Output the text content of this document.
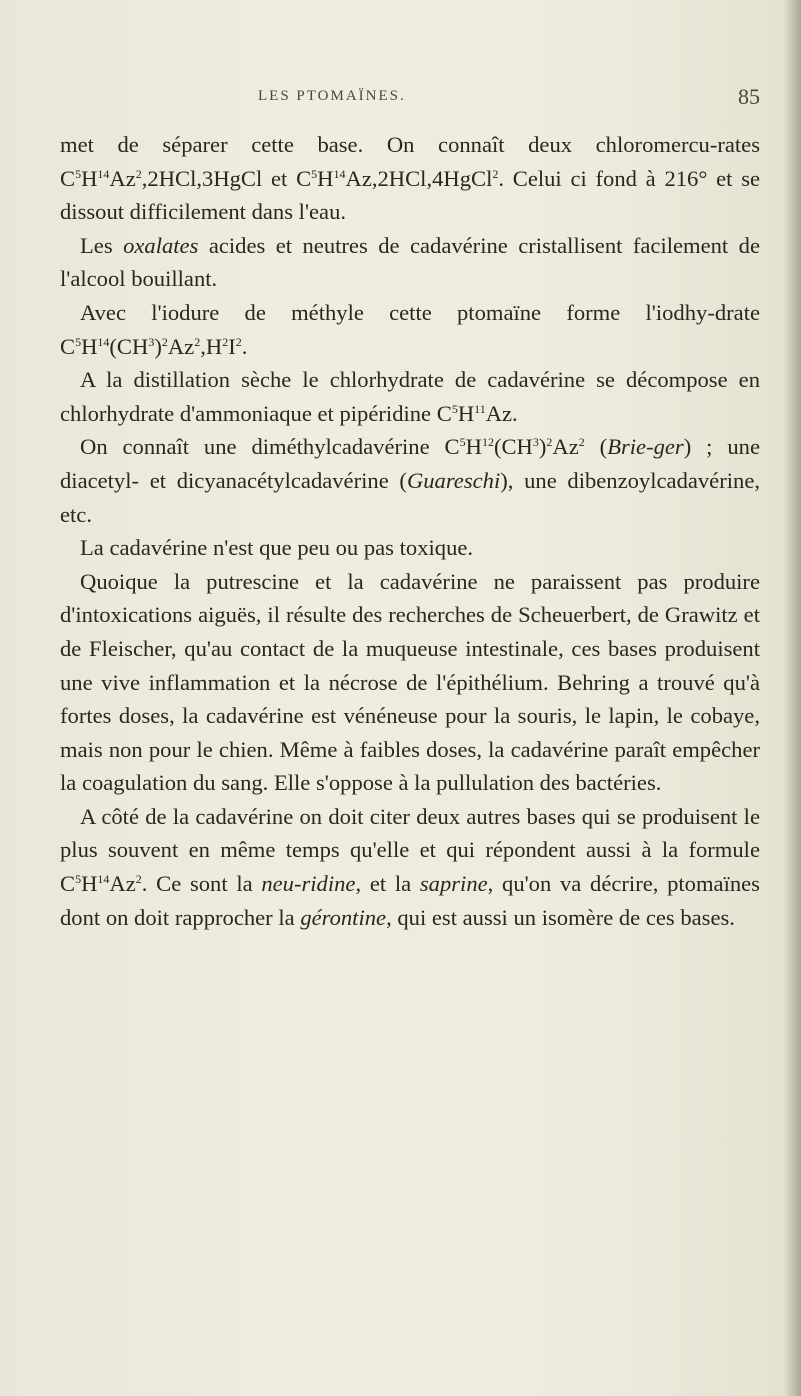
LES PTOMAÏNES.	85

met de séparer cette base. On connaît deux chloromercu-rates $C^5H^{14}Az^2,2HCl,3HgCl$ et $C^5H^{14}Az,2HCl,4HgCl^2$. Celui ci fond à 216° et se dissout difficilement dans l'eau.

Les oxalates acides et neutres de cadavérine cristallisent facilement de l'alcool bouillant.

Avec l'iodure de méthyle cette ptomaïne forme l'iodhy-drate $C^5H^{14}(CH^3)^2Az^2,H^2I^2$.

A la distillation sèche le chlorhydrate de cadavérine se décompose en chlorhydrate d'ammoniaque et pipéridine $C^5H^{11}Az$.

On connaît une diméthylcadavérine $C^5H^{12}(CH^3)^2Az^2$ (Brie-ger) ; une diacetyl- et dicyanacétylcadavérine (Guareschi), une dibenzoylcadavérine, etc.

La cadavérine n'est que peu ou pas toxique.

Quoique la putrescine et la cadavérine ne paraissent pas produire d'intoxications aiguës, il résulte des recherches de Scheuerbert, de Grawitz et de Fleischer, qu'au contact de la muqueuse intestinale, ces bases produisent une vive inflammation et la nécrose de l'épithélium. Behring a trouvé qu'à fortes doses, la cadavérine est vénéneuse pour la souris, le lapin, le cobaye, mais non pour le chien. Même à faibles doses, la cadavérine paraît empêcher la coagulation du sang. Elle s'oppose à la pullulation des bactéries.

A côté de la cadavérine on doit citer deux autres bases qui se produisent le plus souvent en même temps qu'elle et qui répondent aussi à la formule $C^5H^{14}Az^2$. Ce sont la neu-ridine, et la saprine, qu'on va décrire, ptomaïnes dont on doit rapprocher la gérontine, qui est aussi un isomère de ces bases.
